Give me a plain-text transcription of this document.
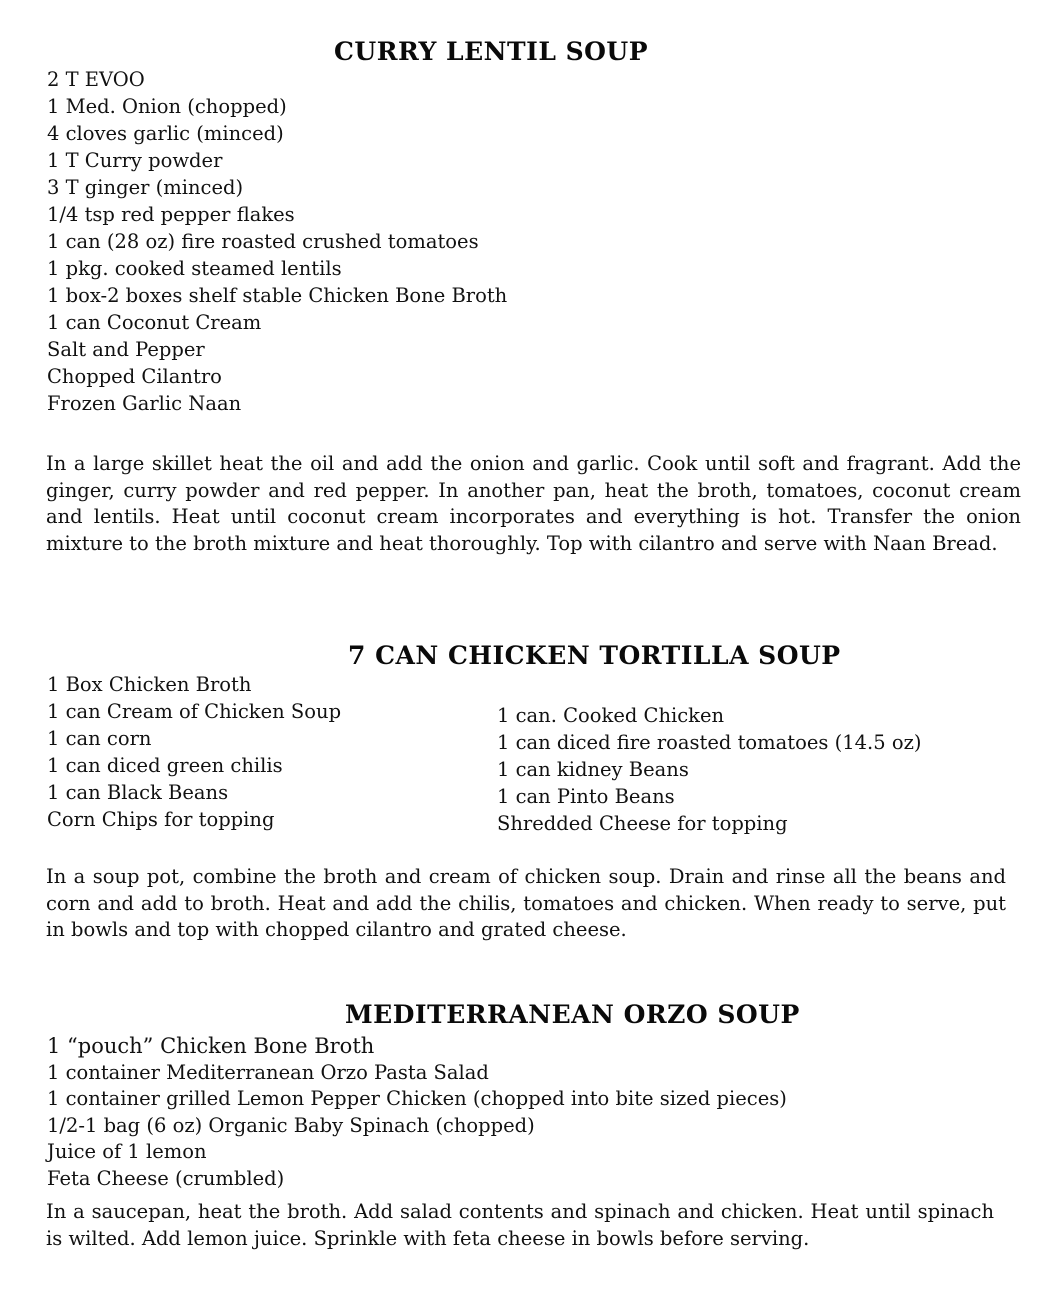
CURRY LENTIL SOUP
2 T EVOO
1 Med. Onion (chopped)
4 cloves garlic (minced)
1 T Curry powder
3 T ginger (minced)
1/4 tsp red pepper flakes
1 can (28 oz) fire roasted crushed tomatoes
1 pkg. cooked steamed lentils
1 box-2 boxes shelf stable Chicken Bone Broth
1 can Coconut Cream
Salt and Pepper
Chopped Cilantro
Frozen Garlic Naan

In a large skillet heat the oil and add the onion and garlic. Cook until soft and fragrant. Add the ginger, curry powder and red pepper. In another pan, heat the broth, tomatoes, coconut cream and lentils. Heat until coconut cream incorporates and everything is hot. Transfer the onion mixture to the broth mixture and heat thoroughly. Top with cilantro and serve with Naan Bread.

7 CAN CHICKEN TORTILLA SOUP
1 Box Chicken Broth
1 can Cream of Chicken Soup
1 can corn
1 can diced green chilis
1 can Black Beans
Corn Chips for topping
1 can. Cooked Chicken
1 can diced fire roasted tomatoes (14.5 oz)
1 can kidney Beans
1 can Pinto Beans
Shredded Cheese for topping

In a soup pot, combine the broth and cream of chicken soup. Drain and rinse all the beans and corn and add to broth. Heat and add the chilis, tomatoes and chicken. When ready to serve, put in bowls and top with chopped cilantro and grated cheese.

MEDITERRANEAN ORZO SOUP
1 “pouch” Chicken Bone Broth
1 container Mediterranean Orzo Pasta Salad
1 container grilled Lemon Pepper Chicken (chopped into bite sized pieces)
1/2-1 bag (6 oz) Organic Baby Spinach (chopped)
Juice of 1 lemon
Feta Cheese (crumbled)

In a saucepan, heat the broth. Add salad contents and spinach and chicken. Heat until spinach is wilted. Add lemon juice. Sprinkle with feta cheese in bowls before serving.
